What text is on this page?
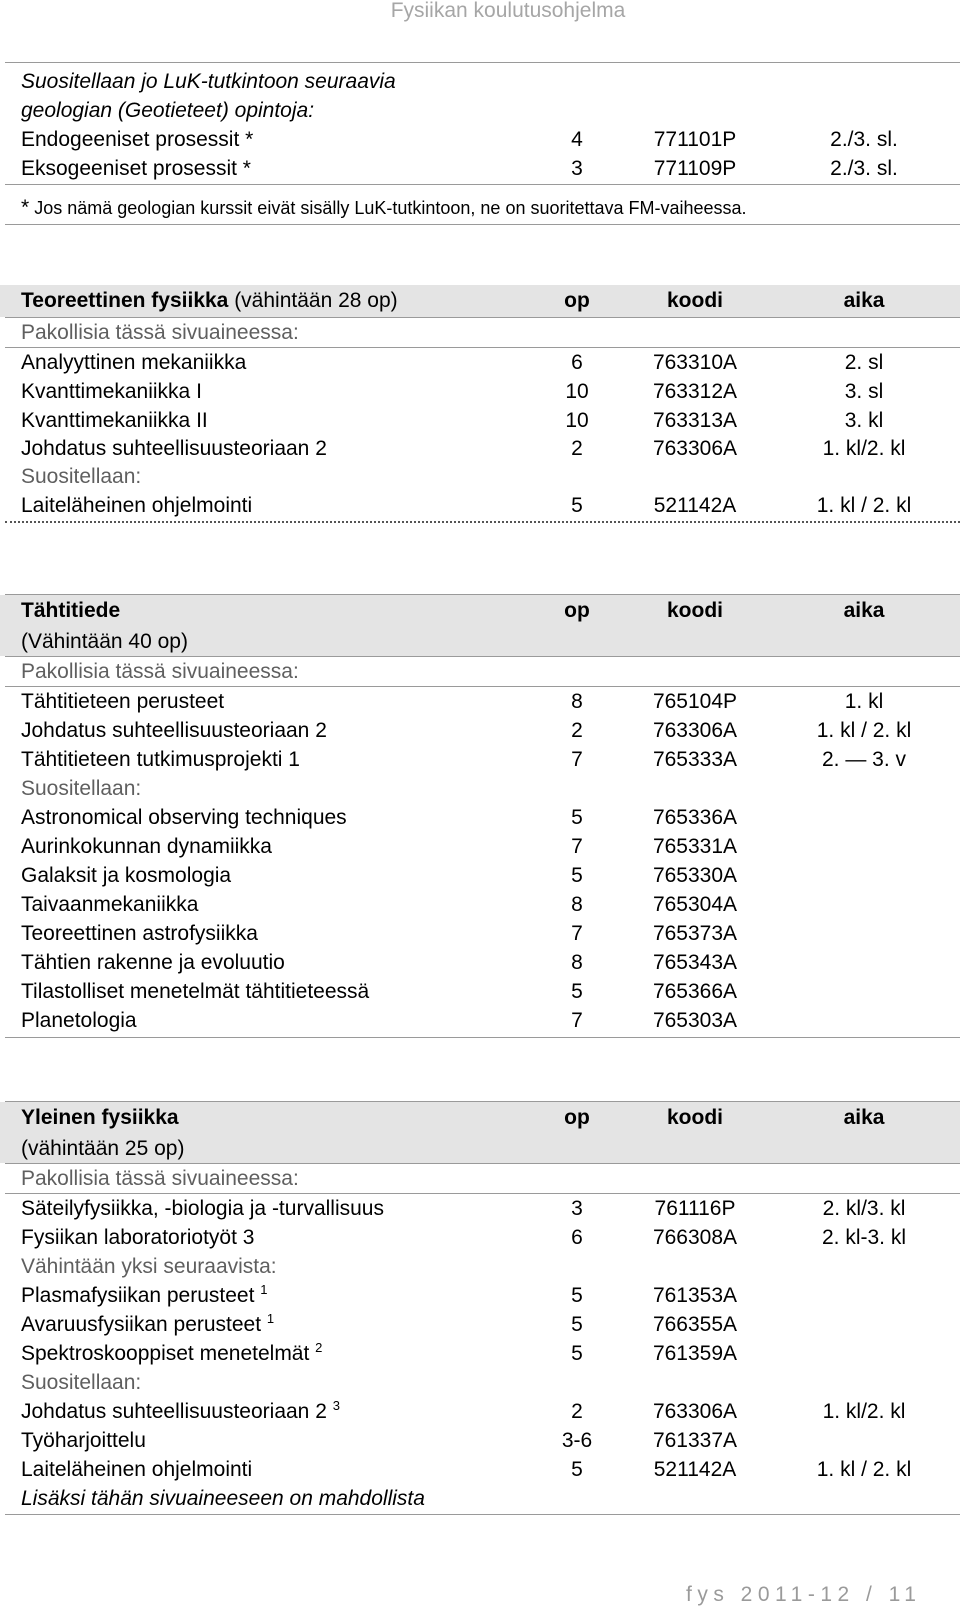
Fysiikan koulutusohjelma
Suositellaan jo LuK-tutkintoon seuraavia
geologian (Geotieteet) opintoja:
Endogeeniset prosessit *	4	771101P	2./3. sl.
Eksogeeniset prosessit *	3	771109P	2./3. sl.
* Jos nämä geologian kurssit eivät sisälly LuK-tutkintoon, ne on suoritettava FM-vaiheessa.
Teoreettinen fysiikka (vähintään 28 op)	op	koodi	aika
Pakollisia tässä sivuaineessa:
Analyyttinen mekaniikka	6	763310A	2. sl
Kvanttimekaniikka I	10	763312A	3. sl
Kvanttimekaniikka II	10	763313A	3. kl
Johdatus suhteellisuusteoriaan 2	2	763306A	1. kl/2. kl
Suositellaan:
Laiteläheinen ohjelmointi	5	521142A	1. kl / 2. kl
Tähtitiede	op	koodi	aika
(Vähintään 40 op)
Pakollisia tässä sivuaineessa:
Tähtitieteen perusteet	8	765104P	1. kl
Johdatus suhteellisuusteoriaan 2	2	763306A	1. kl / 2. kl
Tähtitieteen tutkimusprojekti 1	7	765333A	2. — 3. v
Suositellaan:
Astronomical observing techniques	5	765336A
Aurinkokunnan dynamiikka	7	765331A
Galaksit ja kosmologia	5	765330A
Taivaanmekaniikka	8	765304A
Teoreettinen astrofysiikka	7	765373A
Tähtien rakenne ja evoluutio	8	765343A
Tilastolliset menetelmät tähtitieteessä	5	765366A
Planetologia	7	765303A
Yleinen fysiikka	op	koodi	aika
(vähintään 25 op)
Pakollisia tässä sivuaineessa:
Säteilyfysiikka, -biologia ja -turvallisuus	3	761116P	2. kl/3. kl
Fysiikan laboratoriotyöt 3	6	766308A	2. kl-3. kl
Vähintään yksi seuraavista:
Plasmafysiikan perusteet $^1$	5	761353A
Avaruusfysiikan perusteet $^1$	5	766355A
Spektroskooppiset menetelmät $^2$	5	761359A
Suositellaan:
Johdatus suhteellisuusteoriaan 2 $^3$	2	763306A	1. kl/2. kl
Työharjoittelu	3-6	761337A
Laiteläheinen ohjelmointi	5	521142A	1. kl / 2. kl
Lisäksi tähän sivuaineeseen on mahdollista
fys 2011-12 / 11
